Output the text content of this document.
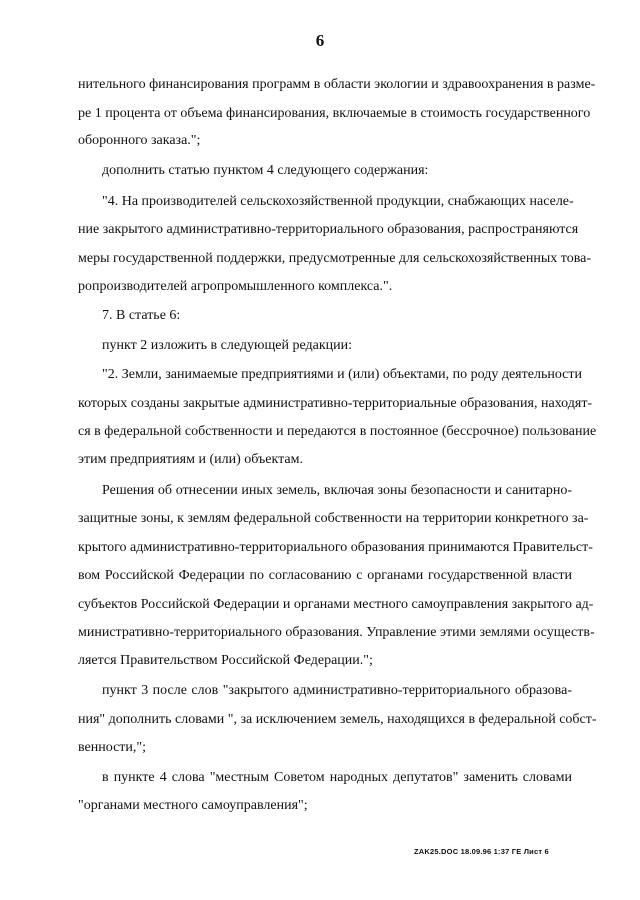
6

нительного финансирования программ в области экологии и здравоохранения в разме-

ре 1 процента от объема финансирования, включаемые в стоимость государственного

оборонного заказа.";

дополнить статью пунктом 4 следующего содержания:

"4. На производителей сельскохозяйственной продукции, снабжающих населе-

ние закрытого административно-территориального образования, распространяются

меры государственной поддержки, предусмотренные для сельскохозяйственных това-

ропроизводителей агропромышленного комплекса.".

7. В статье 6:

пункт 2 изложить в следующей редакции:

"2. Земли, занимаемые предприятиями и (или) объектами, по роду деятельности

которых созданы закрытые административно-территориальные образования, находят-

ся в федеральной собственности и передаются в постоянное (бессрочное) пользование

этим предприятиям и (или) объектам.

Решения об отнесении иных земель, включая зоны безопасности и санитарно-

защитные зоны, к землям федеральной собственности на территории конкретного за-

крытого административно-территориального образования принимаются Правительст-

вом Российской Федерации по согласованию с органами государственной власти

субъектов Российской Федерации и органами местного самоуправления закрытого ад-

министративно-территориального образования. Управление этими землями осуществ-

ляется Правительством Российской Федерации.";

пункт 3 после слов "закрытого административно-территориального образова-

ния" дополнить словами ", за исключением земель, находящихся в федеральной собст-

венности,";

в пункте 4 слова "местным Советом народных депутатов" заменить словами

"органами местного самоуправления";

ZAK25.DOC 18.09.96 1:37 ГЕ Лист 6
